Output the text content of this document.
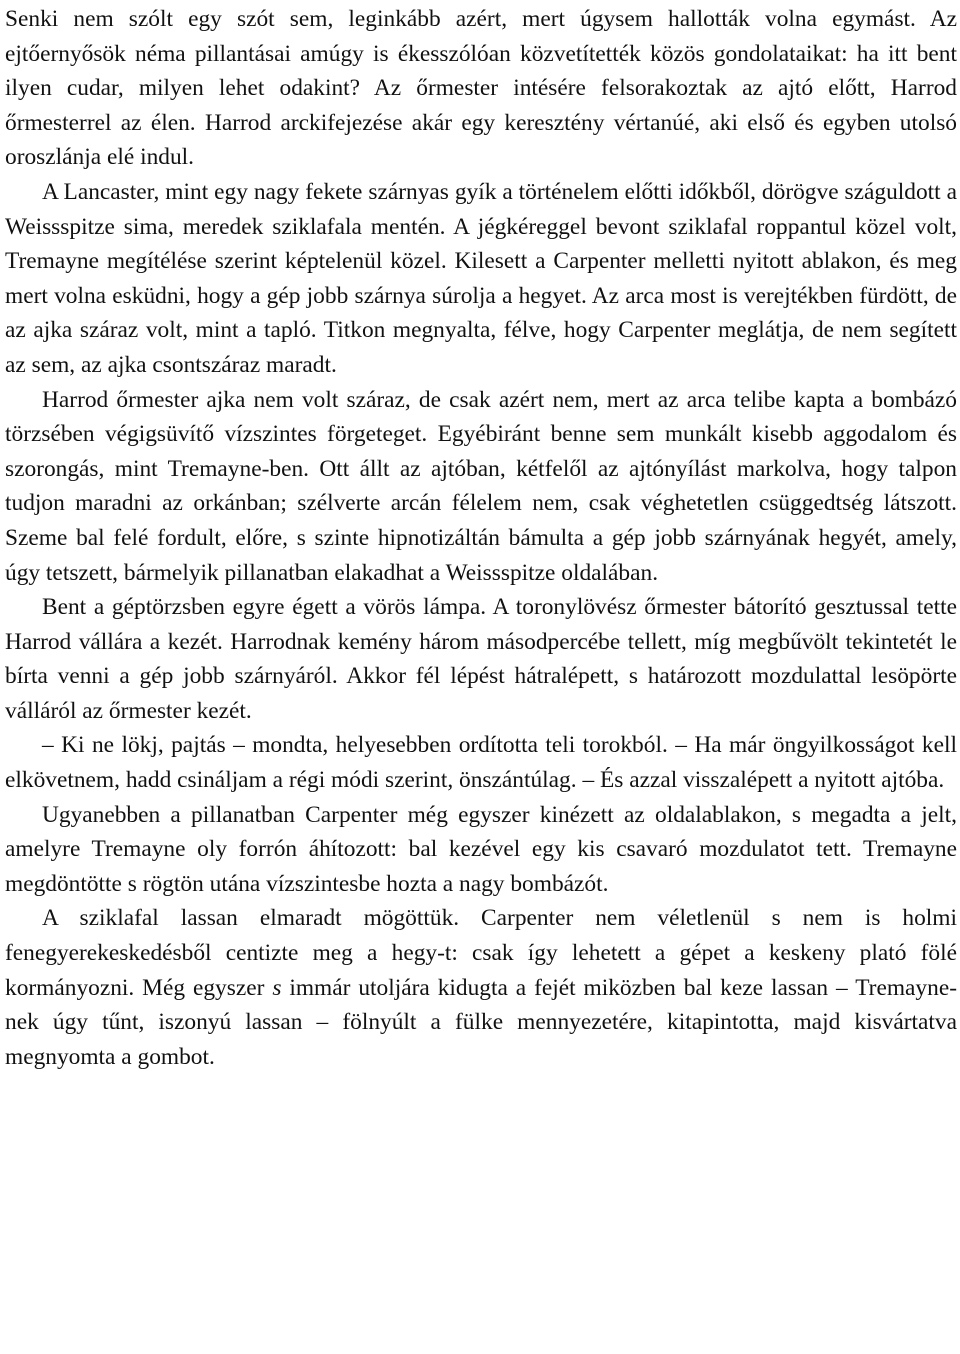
Senki nem szólt egy szót sem, leginkább azért, mert úgysem hallották volna egymást. Az ejtőernyősök néma pillantásai amúgy is ékesszólóan közvetítették közös gondolataikat: ha itt bent ilyen cudar, milyen lehet odakint? Az őrmester intésére felsorakoztak az ajtó előtt, Harrod őrmesterrel az élen. Harrod arckifejezése akár egy keresztény vértanúé, aki első és egyben utolsó oroszlánja elé indul.

A Lancaster, mint egy nagy fekete szárnyas gyík a történelem előtti időkből, dörögve száguldott a Weissspitze sima, meredek sziklafala mentén. A jégkéreggel bevont sziklafal roppantul közel volt, Tremayne megítélése szerint képtelenül közel. Kilesett a Carpenter melletti nyitott ablakon, és meg mert volna esküdni, hogy a gép jobb szárnya súrolja a hegyet. Az arca most is verejtékben fürdött, de az ajka száraz volt, mint a tapló. Titkon megnyalta, félve, hogy Carpenter meglátja, de nem segített az sem, az ajka csontszáraz maradt.

Harrod őrmester ajka nem volt száraz, de csak azért nem, mert az arca telibe kapta a bombázó törzsében végigsüvítő vízszintes förgeteget. Egyébiránt benne sem munkált kisebb aggodalom és szorongás, mint Tremayne-ben. Ott állt az ajtóban, kétfelől az ajtónyílást markolva, hogy talpon tudjon maradni az orkánban; szélverte arcán félelem nem, csak véghetetlen csüggedtség látszott. Szeme bal felé fordult, előre, s szinte hipnotizáltán bámulta a gép jobb szárnyának hegyét, amely, úgy tetszett, bármelyik pillanatban elakadhat a Weissspitze oldalában.

Bent a géptörzsben egyre égett a vörös lámpa. A toronylövész őrmester bátorító gesztussal tette Harrod vállára a kezét. Harrodnak kemény három másodpercébe tellett, míg megbűvölt tekintetét le bírta venni a gép jobb szárnyáról. Akkor fél lépést hátralépett, s határozott mozdulattal lesöpörte válláról az őrmester kezét.

– Ki ne lökj, pajtás – mondta, helyesebben ordította teli torokból. – Ha már öngyilkosságot kell elkövetnem, hadd csináljam a régi módi szerint, önszántúlag. – És azzal visszalépett a nyitott ajtóba.

Ugyanebben a pillanatban Carpenter még egyszer kinézett az oldalablakon, s megadta a jelt, amelyre Tremayne oly forrón áhítozott: bal kezével egy kis csavaró mozdulatot tett. Tremayne megdöntötte s rögtön utána vízszintesbe hozta a nagy bombázót.

A sziklafal lassan elmaradt mögöttük. Carpenter nem véletlenül s nem is holmi fenegyerekeskedésből centizte meg a hegy-t: csak így lehetett a gépet a keskeny plató fölé kormányozni. Még egyszer s immár utoljára kidugta a fejét miközben bal keze lassan – Tremayne-nek úgy tűnt, iszonyú lassan – fölnyúlt a fülke mennyezetére, kitapintotta, majd kisvártatva megnyomta a gombot.
